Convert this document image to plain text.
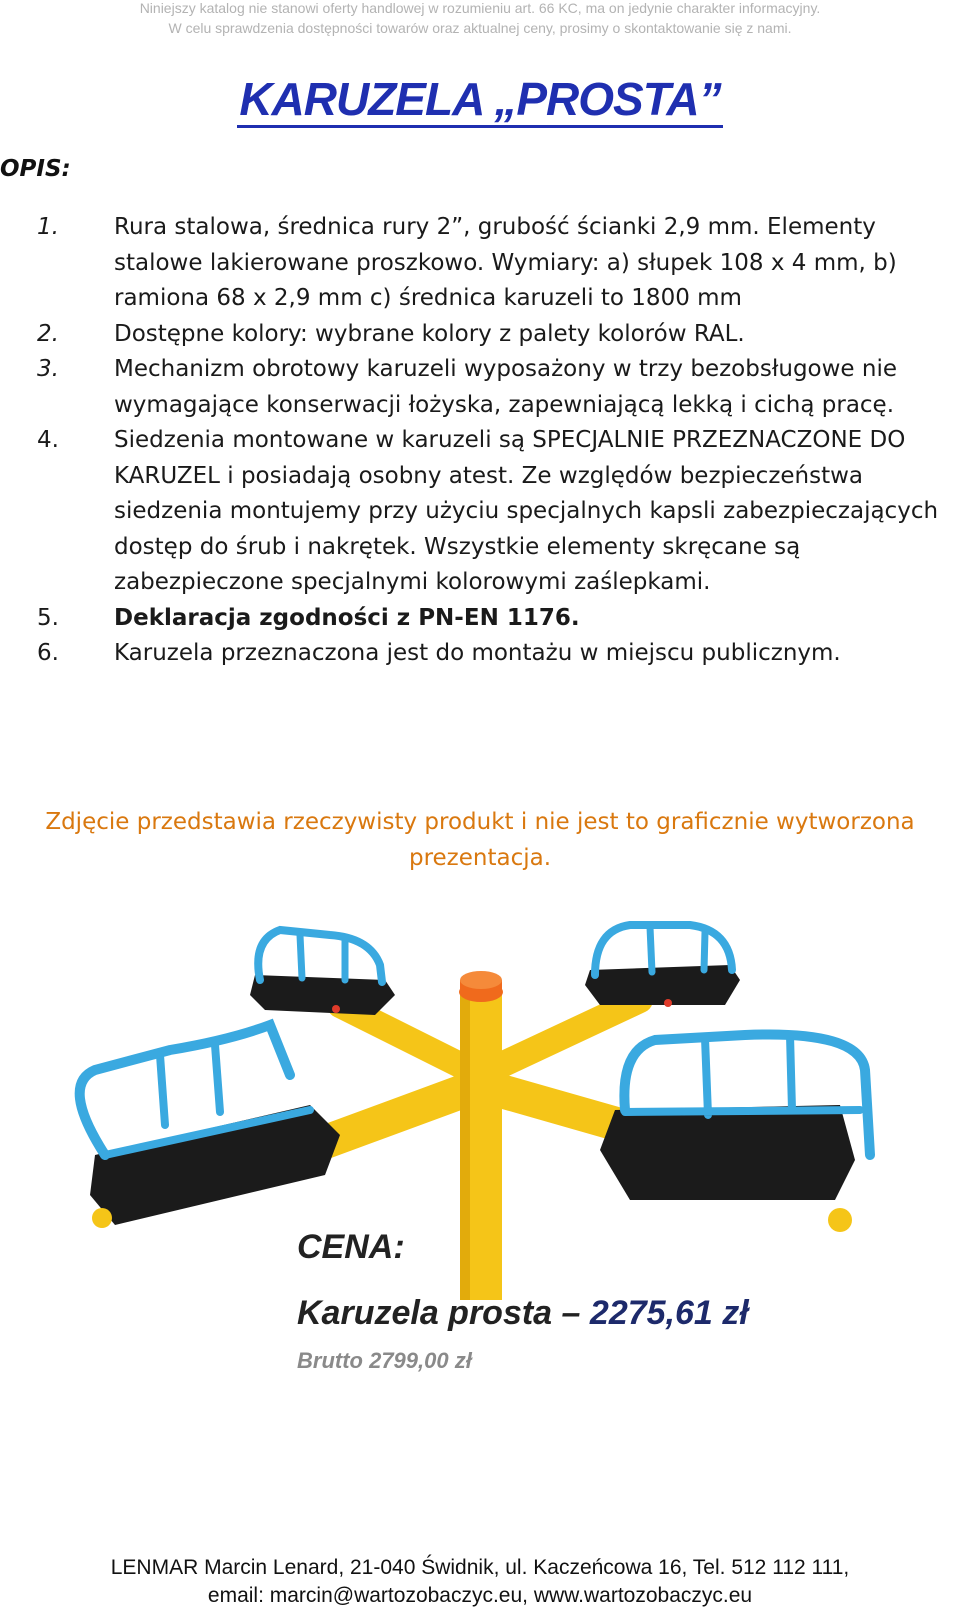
Niniejszy katalog nie stanowi oferty handlowej w rozumieniu art. 66 KC, ma on jedynie charakter informacyjny.
W celu sprawdzenia dostępności towarów oraz aktualnej ceny, prosimy o skontaktowanie się z nami.
KARUZELA „PROSTA”
OPIS:
1. Rura stalowa, średnica rury 2”, grubość ścianki 2,9 mm. Elementy stalowe lakierowane proszkowo. Wymiary: a) słupek 108 x 4 mm, b) ramiona 68 x 2,9 mm c) średnica karuzeli to 1800 mm
2. Dostępne kolory: wybrane kolory z palety kolorów RAL.
3. Mechanizm obrotowy karuzeli wyposażony w trzy bezobsługowe nie wymagające konserwacji łożyska, zapewniającą lekką i cichą pracę.
4. Siedzenia montowane w karuzeli są SPECJALNIE PRZEZNACZONE DO KARUZEL i posiadają osobny atest. Ze względów bezpieczeństwa siedzenia montujemy przy użyciu specjalnych kapsli zabezpieczających dostęp do śrub i nakrętek. Wszystkie elementy skręcane są zabezpieczone specjalnymi kolorowymi zaślepkami.
5. Deklaracja zgodności z PN-EN 1176.
6. Karuzela przeznaczona jest do montażu w miejscu publicznym.
Zdjęcie przedstawia rzeczywisty produkt i nie jest to graficznie wytworzona prezentacja.
CENA:
Karuzela prosta – 2275,61 zł
Brutto 2799,00 zł
LENMAR Marcin Lenard, 21-040 Świdnik, ul. Kaczeńcowa 16, Tel. 512 112 111,
email: marcin@wartozobaczyc.eu, www.wartozobaczyc.eu
